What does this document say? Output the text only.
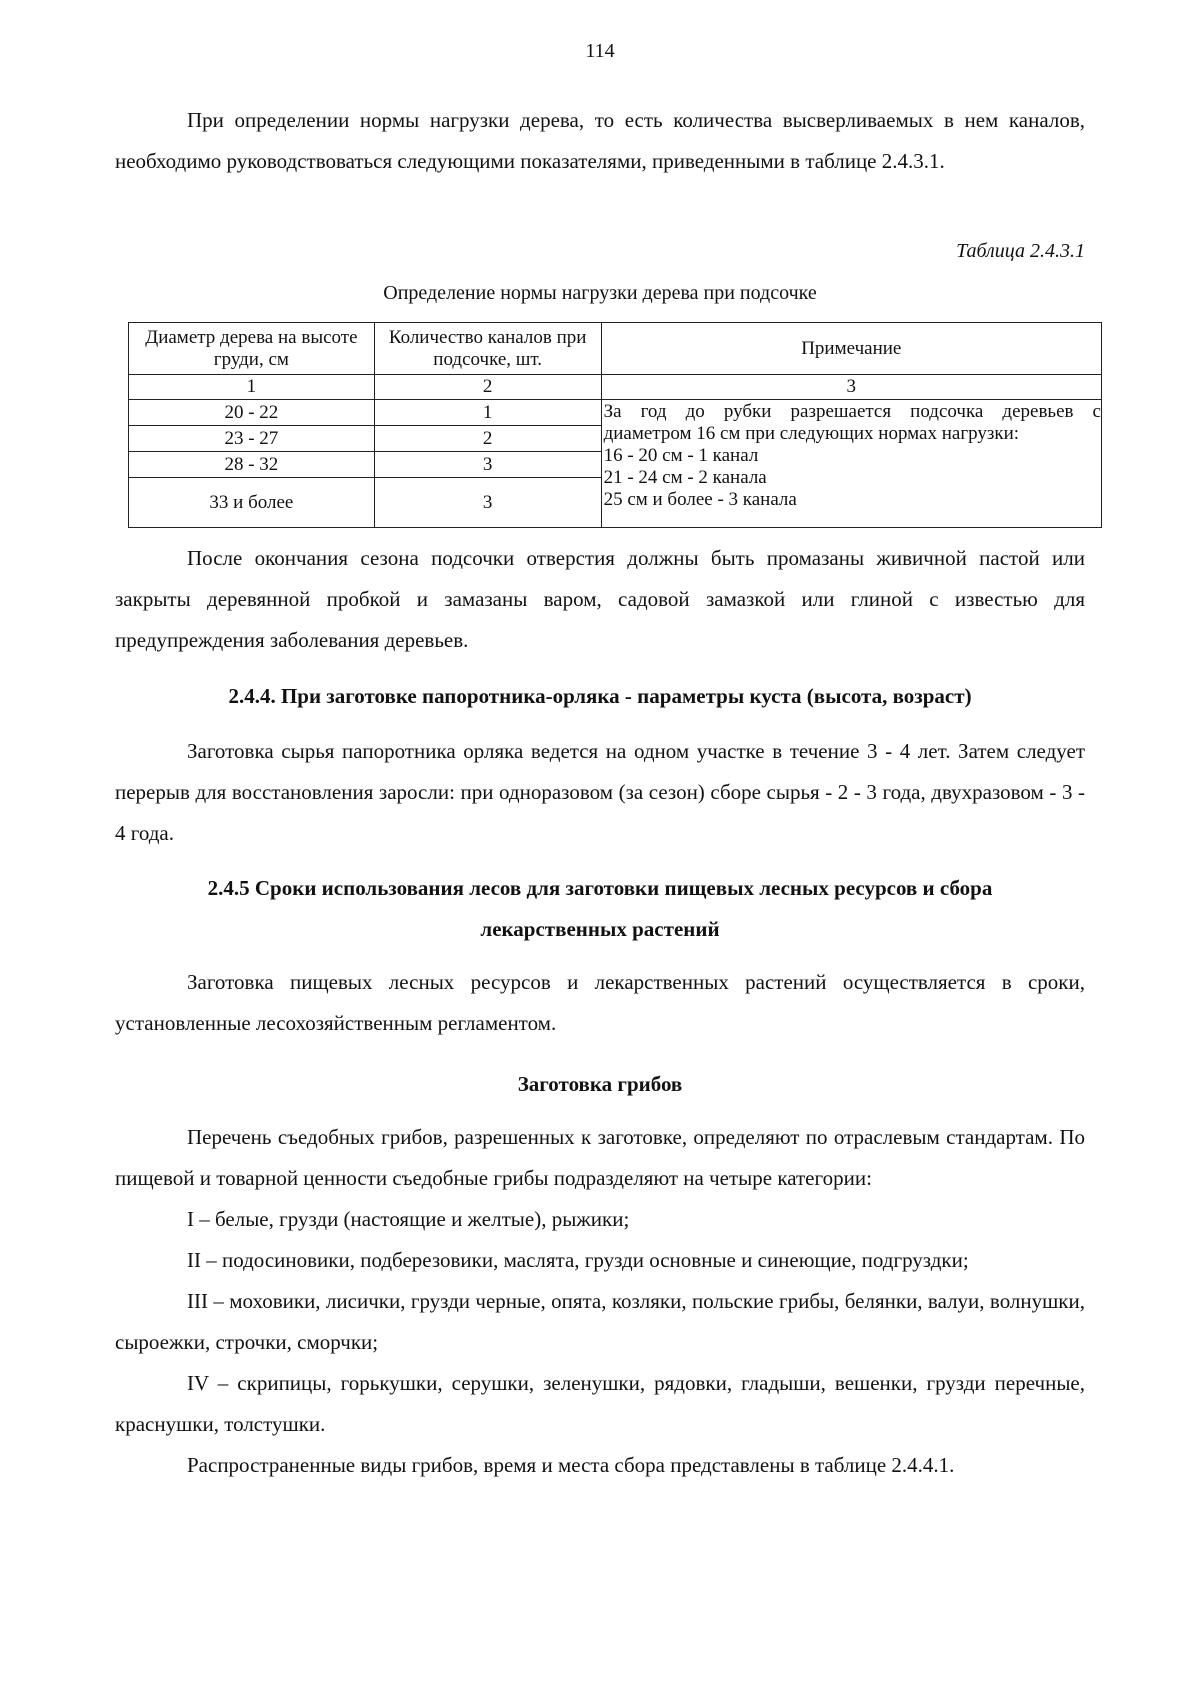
114

При определении нормы нагрузки дерева, то есть количества высверливаемых в нем каналов, необходимо руководствоваться следующими показателями, приведенными в таблице 2.4.3.1.

Таблица 2.4.3.1
Определение нормы нагрузки дерева при подсочке
Диаметр дерева на высоте груди, см	Количество каналов при подсочке, шт.	Примечание
1	2	3
20 - 22	1	За год до рубки разрешается подсочка деревьев с
диаметром 16 см при следующих нормах нагрузки:
16 - 20 см - 1 канал
21 - 24 см - 2 канала
25 см и более - 3 канала

23 - 27	2	
28 - 32	3	
33 и более	3	

После окончания сезона подсочки отверстия должны быть промазаны живичной пастой или закрыты деревянной пробкой и замазаны варом, садовой замазкой или глиной с известью для предупреждения заболевания деревьев.

2.4.4. При заготовке папоротника-орляка - параметры куста (высота, возраст)

Заготовка сырья папоротника орляка ведется на одном участке в течение 3 - 4 лет. Затем следует перерыв для восстановления заросли: при одноразовом (за сезон) сборе сырья - 2 - 3 года, двухразовом - 3 - 4 года.

2.4.5 Сроки использования лесов для заготовки пищевых лесных ресурсов и сбора

лекарственных растений

Заготовка пищевых лесных ресурсов и лекарственных растений осуществляется в сроки, установленные лесохозяйственным регламентом.

Заготовка грибов

Перечень съедобных грибов, разрешенных к заготовке, определяют по отраслевым стандартам. По пищевой и товарной ценности съедобные грибы подразделяют на четыре категории:

I – белые, грузди (настоящие и желтые), рыжики;

II – подосиновики, подберезовики, маслята, грузди основные и синеющие, подгруздки;

III – моховики, лисички, грузди черные, опята, козляки, польские грибы, белянки, валуи, волнушки, сыроежки, строчки, сморчки;

IV – скрипицы, горькушки, серушки, зеленушки, рядовки, гладыши, вешенки, грузди перечные, краснушки, толстушки.

Распространенные виды грибов, время и места сбора представлены в таблице 2.4.4.1.
